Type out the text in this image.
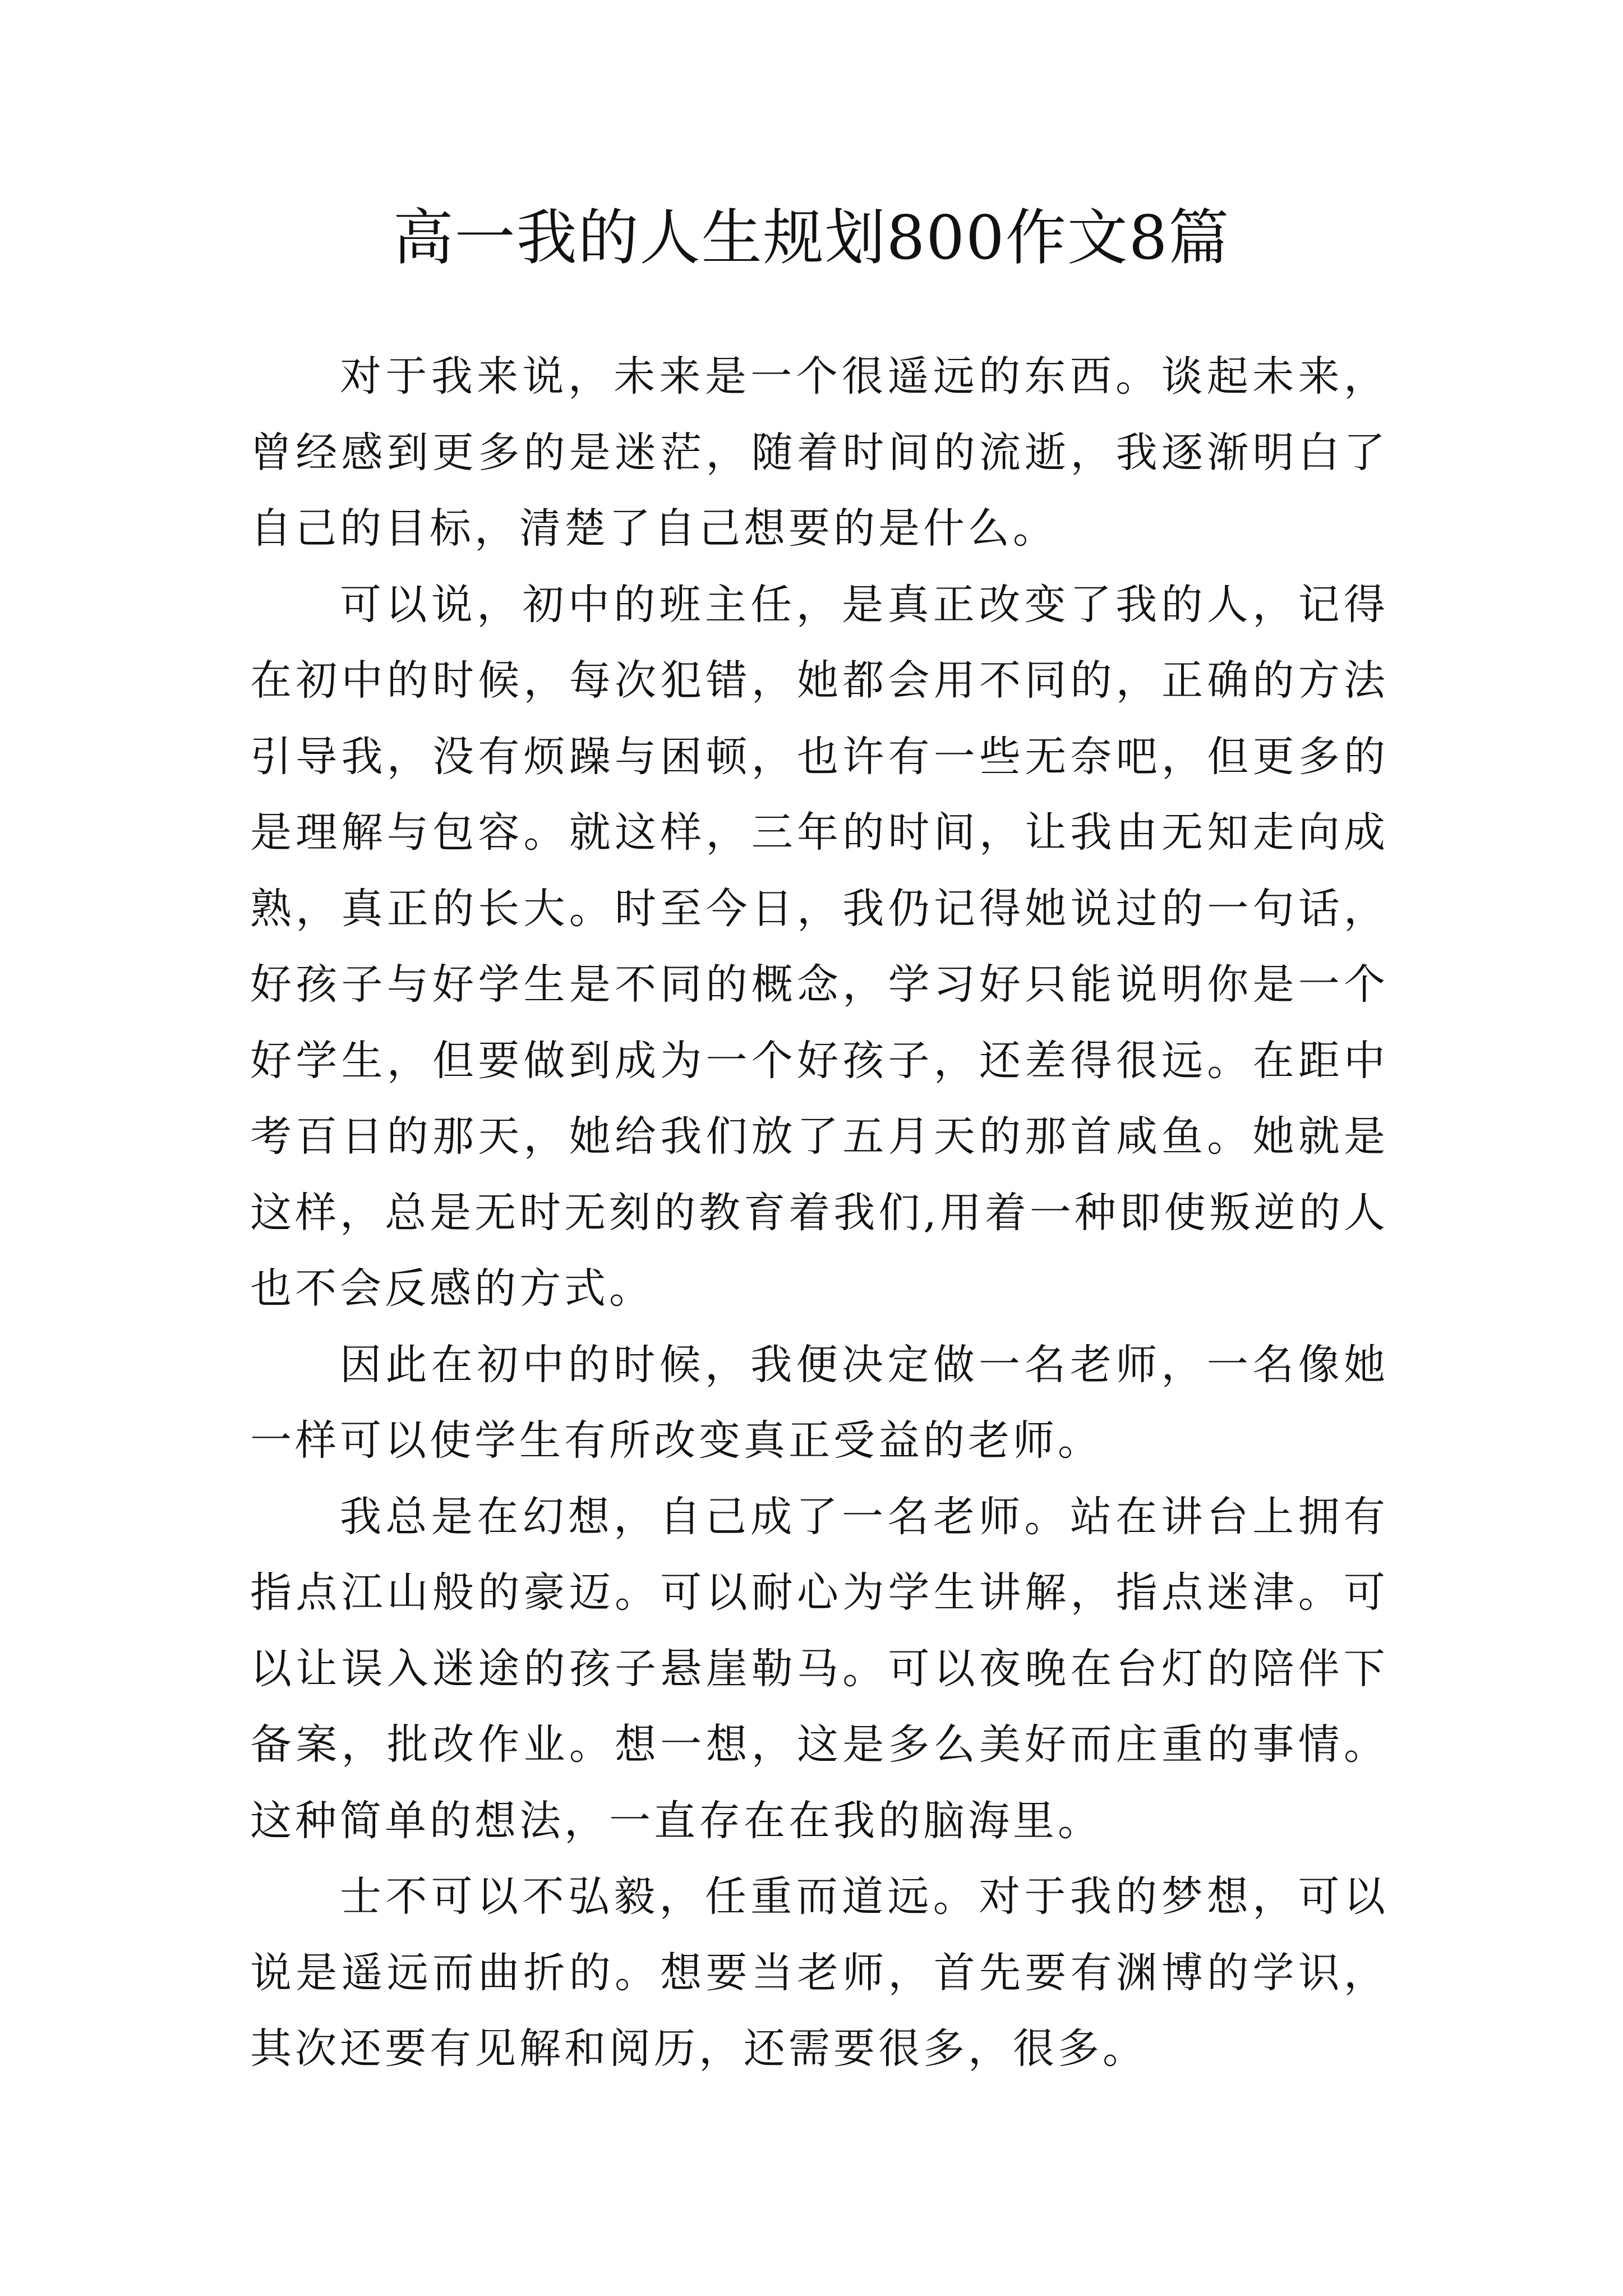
高一我的人生规划800作文8篇

对于我来说，未来是一个很遥远的东西。谈起未来，曾经感到更多的是迷茫，随着时间的流逝，我逐渐明白了自己的目标，清楚了自己想要的是什么。

可以说，初中的班主任，是真正改变了我的人，记得在初中的时候，每次犯错，她都会用不同的，正确的方法引导我，没有烦躁与困顿，也许有一些无奈吧，但更多的是理解与包容。就这样，三年的时间，让我由无知走向成熟，真正的长大。时至今日，我仍记得她说过的一句话，好孩子与好学生是不同的概念，学习好只能说明你是一个好学生，但要做到成为一个好孩子，还差得很远。在距中考百日的那天，她给我们放了五月天的那首咸鱼。她就是这样，总是无时无刻的教育着我们,用着一种即使叛逆的人也不会反感的方式。

因此在初中的时候，我便决定做一名老师，一名像她一样可以使学生有所改变真正受益的老师。

我总是在幻想，自己成了一名老师。站在讲台上拥有指点江山般的豪迈。可以耐心为学生讲解，指点迷津。可以让误入迷途的孩子悬崖勒马。可以夜晚在台灯的陪伴下备案，批改作业。想一想，这是多么美好而庄重的事情。这种简单的想法，一直存在在我的脑海里。

士不可以不弘毅，任重而道远。对于我的梦想，可以说是遥远而曲折的。想要当老师，首先要有渊博的学识，其次还要有见解和阅历，还需要很多，很多。
